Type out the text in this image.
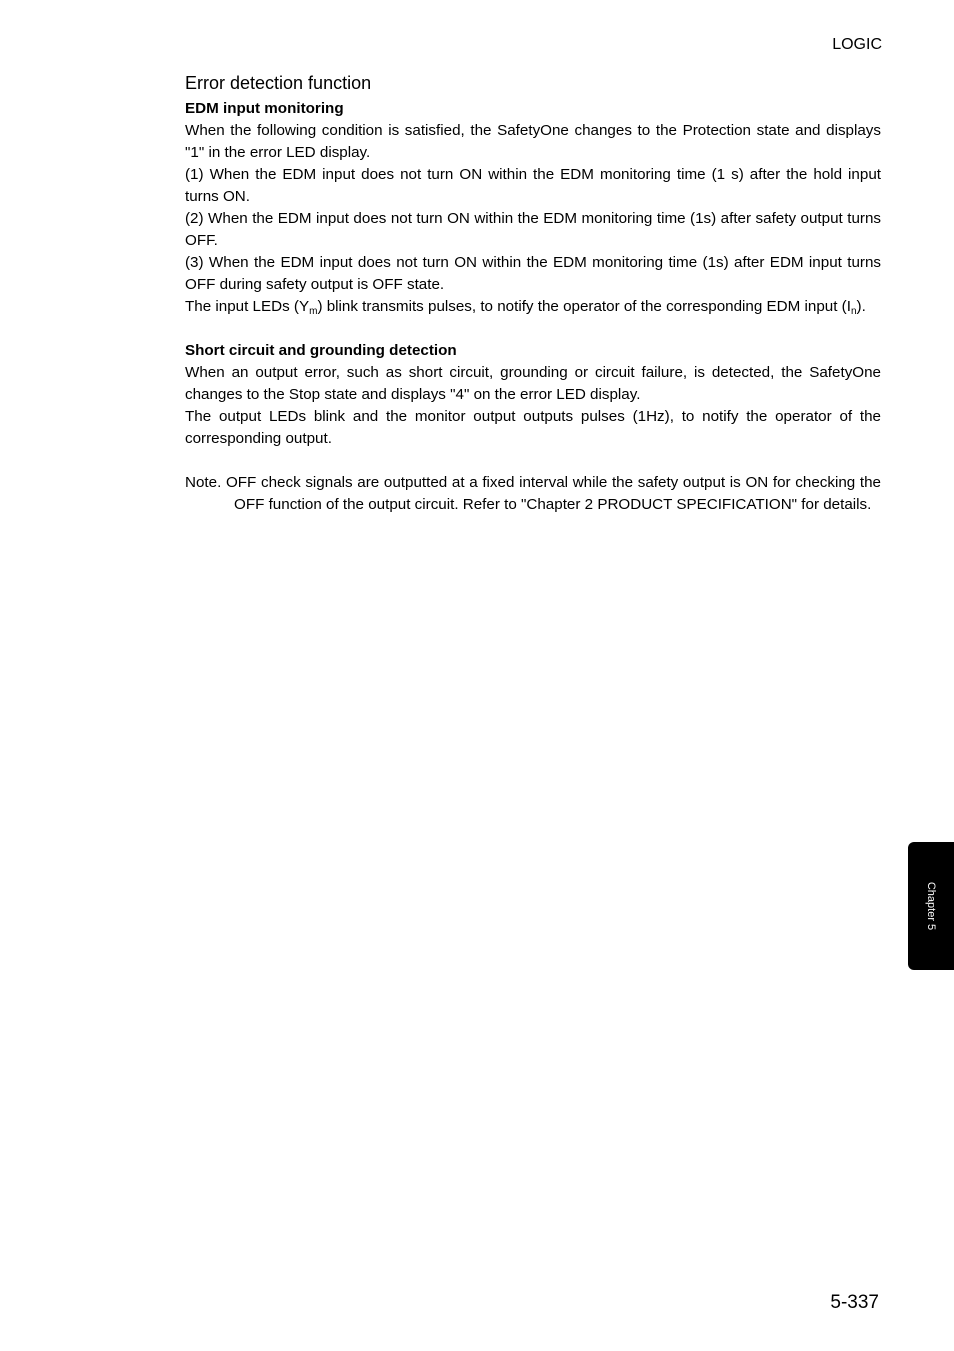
LOGIC
Error detection function
EDM input monitoring

When the following condition is satisfied, the SafetyOne changes to the Protection state and displays "1" in the error LED display.

(1) When the EDM input does not turn ON within the EDM monitoring time (1 s) after the hold input turns ON.

(2) When the EDM input does not turn ON within the EDM monitoring time (1s) after safety output turns OFF.

(3) When the EDM input does not turn ON within the EDM monitoring time (1s) after EDM input turns OFF during safety output is OFF state.

The input LEDs $(Y_m)$ blink transmits pulses, to notify the operator of the corresponding EDM input $(I_n)$.

Short circuit and grounding detection

When an output error, such as short circuit, grounding or circuit failure, is detected, the SafetyOne changes to the Stop state and displays "4" on the error LED display.

The output LEDs blink and the monitor output outputs pulses (1Hz), to notify the operator of the corresponding output.

Note. OFF check signals are outputted at a fixed interval while the safety output is ON for checking the OFF function of the output circuit. Refer to "Chapter 2 PRODUCT SPECIFICATION" for details.

5-337
Chapter 5
